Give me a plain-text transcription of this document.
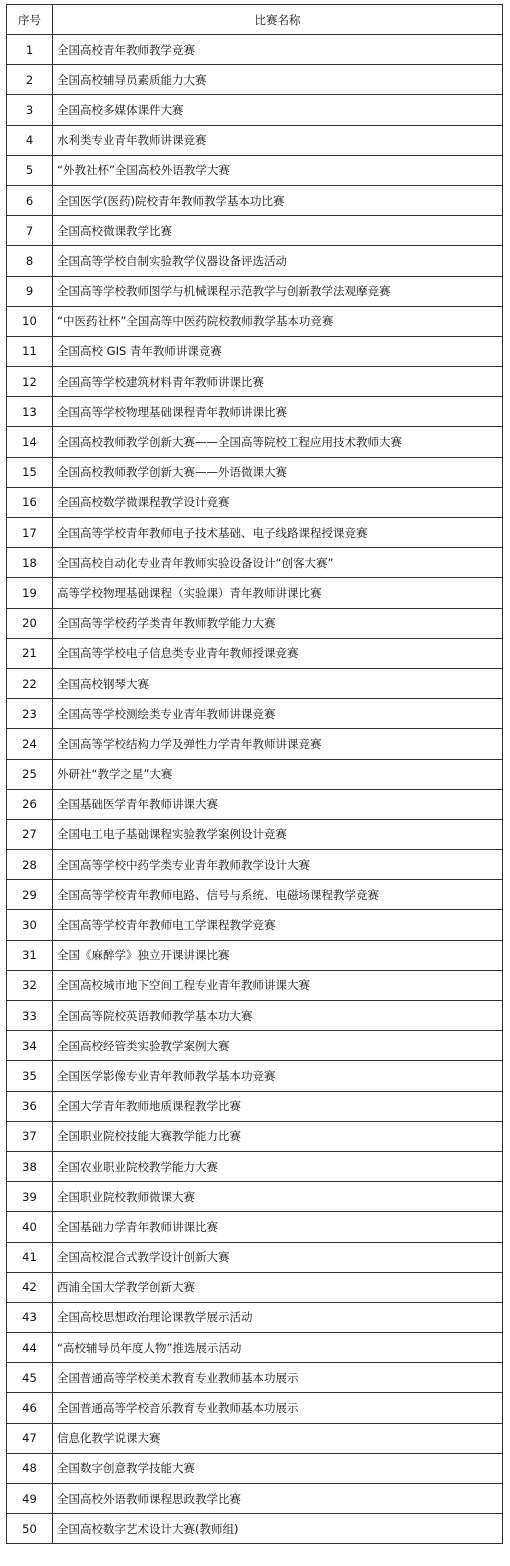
序号	比赛名称
1	全国高校青年教师教学竞赛
2	全国高校辅导员素质能力大赛
3	全国高校多媒体课件大赛
4	水利类专业青年教师讲课竞赛
5	“外教社杯”全国高校外语教学大赛
6	全国医学(医药)院校青年教师教学基本功比赛
7	全国高校微课教学比赛
8	全国高等学校自制实验教学仪器设备评选活动
9	全国高等学校教师图学与机械课程示范教学与创新教学法观摩竞赛
10	“中医药社杯”全国高等中医药院校教师教学基本功竞赛
11	全国高校 GIS 青年教师讲课竞赛
12	全国高等学校建筑材料青年教师讲课比赛
13	全国高等学校物理基础课程青年教师讲课比赛
14	全国高校教师教学创新大赛——全国高等院校工程应用技术教师大赛
15	全国高校教师教学创新大赛——外语微课大赛
16	全国高校数学微课程教学设计竞赛
17	全国高等学校青年教师电子技术基础、电子线路课程授课竞赛
18	全国高校自动化专业青年教师实验设备设计“创客大赛”
19	高等学校物理基础课程（实验课）青年教师讲课比赛
20	全国高等学校药学类青年教师教学能力大赛
21	全国高等学校电子信息类专业青年教师授课竞赛
22	全国高校钢琴大赛
23	全国高等学校测绘类专业青年教师讲课竞赛
24	全国高等学校结构力学及弹性力学青年教师讲课竞赛
25	外研社“教学之星”大赛
26	全国基础医学青年教师讲课大赛
27	全国电工电子基础课程实验教学案例设计竞赛
28	全国高等学校中药学类专业青年教师教学设计大赛
29	全国高等学校青年教师电路、信号与系统、电磁场课程教学竞赛
30	全国高等学校青年教师电工学课程教学竞赛
31	全国《麻醉学》独立开课讲课比赛
32	全国高校城市地下空间工程专业青年教师讲课大赛
33	全国高等院校英语教师教学基本功大赛
34	全国高校经管类实验教学案例大赛
35	全国医学影像专业青年教师教学基本功竞赛
36	全国大学青年教师地质课程教学比赛
37	全国职业院校技能大赛教学能力比赛
38	全国农业职业院校教学能力大赛
39	全国职业院校教师微课大赛
40	全国基础力学青年教师讲课比赛
41	全国高校混合式教学设计创新大赛
42	西浦全国大学教学创新大赛
43	全国高校思想政治理论课教学展示活动
44	“高校辅导员年度人物”推选展示活动
45	全国普通高等学校美术教育专业教师基本功展示
46	全国普通高等学校音乐教育专业教师基本功展示
47	信息化教学说课大赛
48	全国数字创意教学技能大赛
49	全国高校外语教师课程思政教学比赛
50	全国高校数字艺术设计大赛(教师组)
